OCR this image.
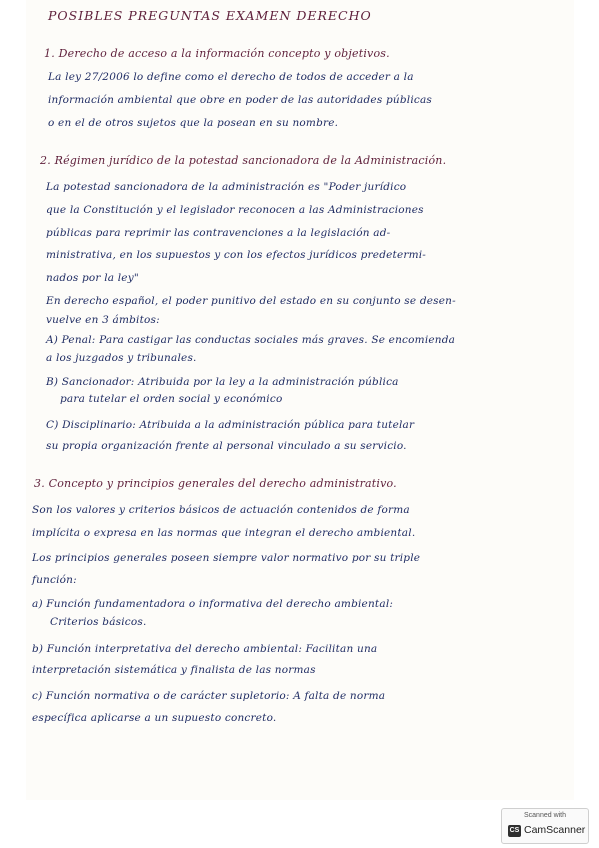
POSIBLES PREGUNTAS EXAMEN DERECHO
1. Derecho de acceso a la información concepto y objetivos.
La ley 27/2006 lo define como el derecho de todos de acceder a la
información ambiental que obre en poder de las autoridades públicas
o en el de otros sujetos que la posean en su nombre.
2. Régimen jurídico de la potestad sancionadora de la Administración.
La potestad sancionadora de la administración es "Poder jurídico
que la Constitución y el legislador reconocen a las Administraciones
públicas para reprimir las contravenciones a la legislación ad-
ministrativa, en los supuestos y con los efectos jurídicos predetermi-
nados por la ley"
En derecho español, el poder punitivo del estado en su conjunto se desen-
vuelve en 3 ámbitos:
A) Penal: Para castigar las conductas sociales más graves. Se encomienda
a los juzgados y tribunales.
B) Sancionador: Atribuida por la ley a la administración pública
para tutelar el orden social y económico
C) Disciplinario: Atribuida a la administración pública para tutelar
su propia organización frente al personal vinculado a su servicio.
3. Concepto y principios generales del derecho administrativo.
Son los valores y criterios básicos de actuación contenidos de forma
implícita o expresa en las normas que integran el derecho ambiental.
Los principios generales poseen siempre valor normativo por su triple
función:
a) Función fundamentadora o informativa del derecho ambiental:
Criterios básicos.
b) Función interpretativa del derecho ambiental: Facilitan una
interpretación sistemática y finalista de las normas
c) Función normativa o de carácter supletorio: A falta de norma
específica aplicarse a un supuesto concreto.
Scanned with
CS CamScanner
